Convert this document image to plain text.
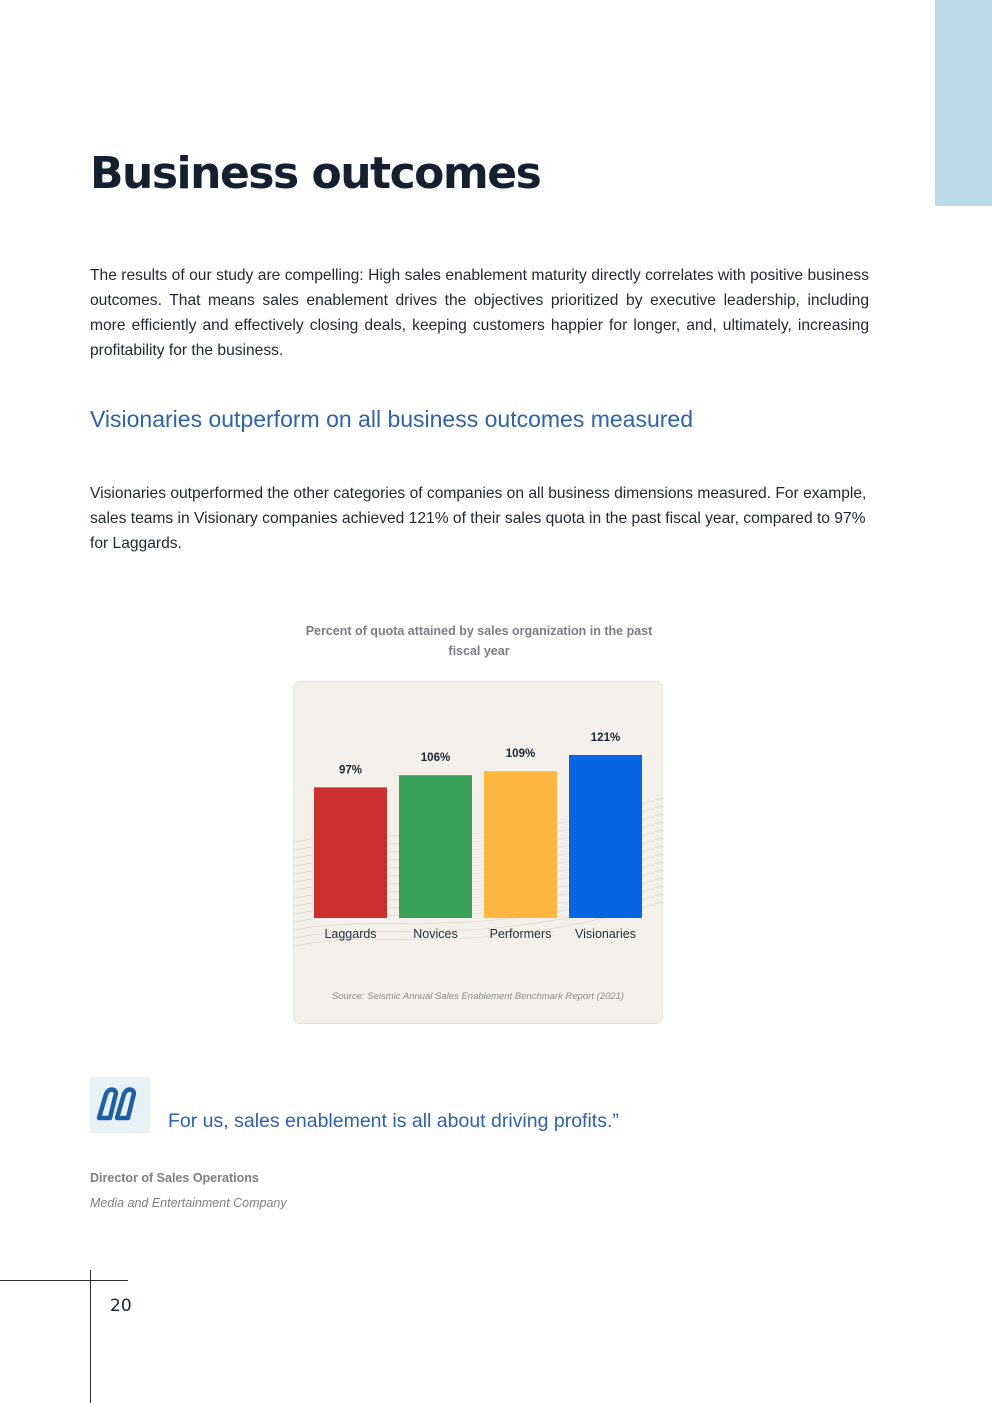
Business outcomes

The results of our study are compelling: High sales enablement maturity directly correlates with positive business outcomes. That means sales enablement drives the objectives prioritized by executive leadership, including more efficiently and effectively closing deals, keeping customers happier for longer, and, ultimately, increasing profitability for the business.

Visionaries outperform on all business outcomes measured

Visionaries outperformed the other categories of companies on all business dimensions measured. For example, sales teams in Visionary companies achieved 121% of their sales quota in the past fiscal year, compared to 97% for Laggards.

Percent of quota attained by sales organization in the past fiscal year
97%
Laggards
106%
Novices
109%
Performers
121%
Visionaries
Source: Seismic Annual Sales Enablement Benchmark Report (2021)

For us, sales enablement is all about driving profits.”

Director of Sales Operations
Media and Entertainment Company
20
